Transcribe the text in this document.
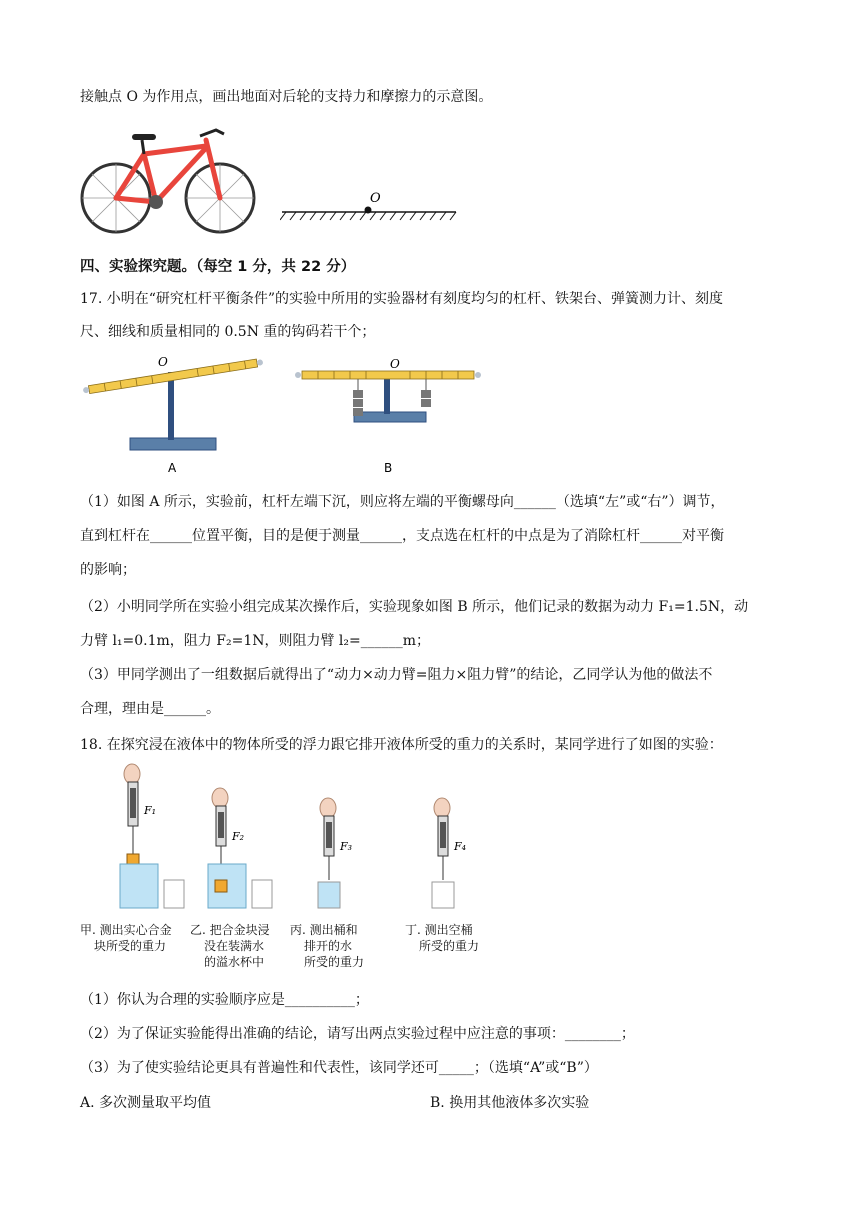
接触点 O 为作用点，画出地面对后轮的支持力和摩擦力的示意图。
O
四、实验探究题。（每空 1 分，共 22 分）
17. 小明在“研究杠杆平衡条件”的实验中所用的实验器材有刻度均匀的杠杆、铁架台、弹簧测力计、刻度
尺、细线和质量相同的 0.5N 重的钩码若干个；
O
A
O
B
（1）如图 A 所示，实验前，杠杆左端下沉，则应将左端的平衡螺母向______（选填“左”或“右”）调节，
直到杠杆在______位置平衡，目的是便于测量______，支点选在杠杆的中点是为了消除杠杆______对平衡
的影响；
（2）小明同学所在实验小组完成某次操作后，实验现象如图 B 所示，他们记录的数据为动力 F₁=1.5N，动
力臂 l₁=0.1m，阻力 F₂=1N，则阻力臂 l₂=______m；
（3）甲同学测出了一组数据后就得出了“动力×动力臂=阻力×阻力臂”的结论，乙同学认为他的做法不
合理，理由是______。
18. 在探究浸在液体中的物体所受的浮力跟它排开液体所受的重力的关系时，某同学进行了如图的实验：
F₁
F₂
F₃	F₄
甲. 测出实心合金
块所受的重力
乙. 把合金块浸
没在装满水
的溢水杯中
丙. 测出桶和
排开的水
所受的重力
丁. 测出空桶
所受的重力
（1）你认为合理的实验顺序应是__________；
（2）为了保证实验能得出准确的结论，请写出两点实验过程中应注意的事项：________；
（3）为了使实验结论更具有普遍性和代表性，该同学还可_____；（选填“A”或“B”）
A. 多次测量取平均值	B. 换用其他液体多次实验
